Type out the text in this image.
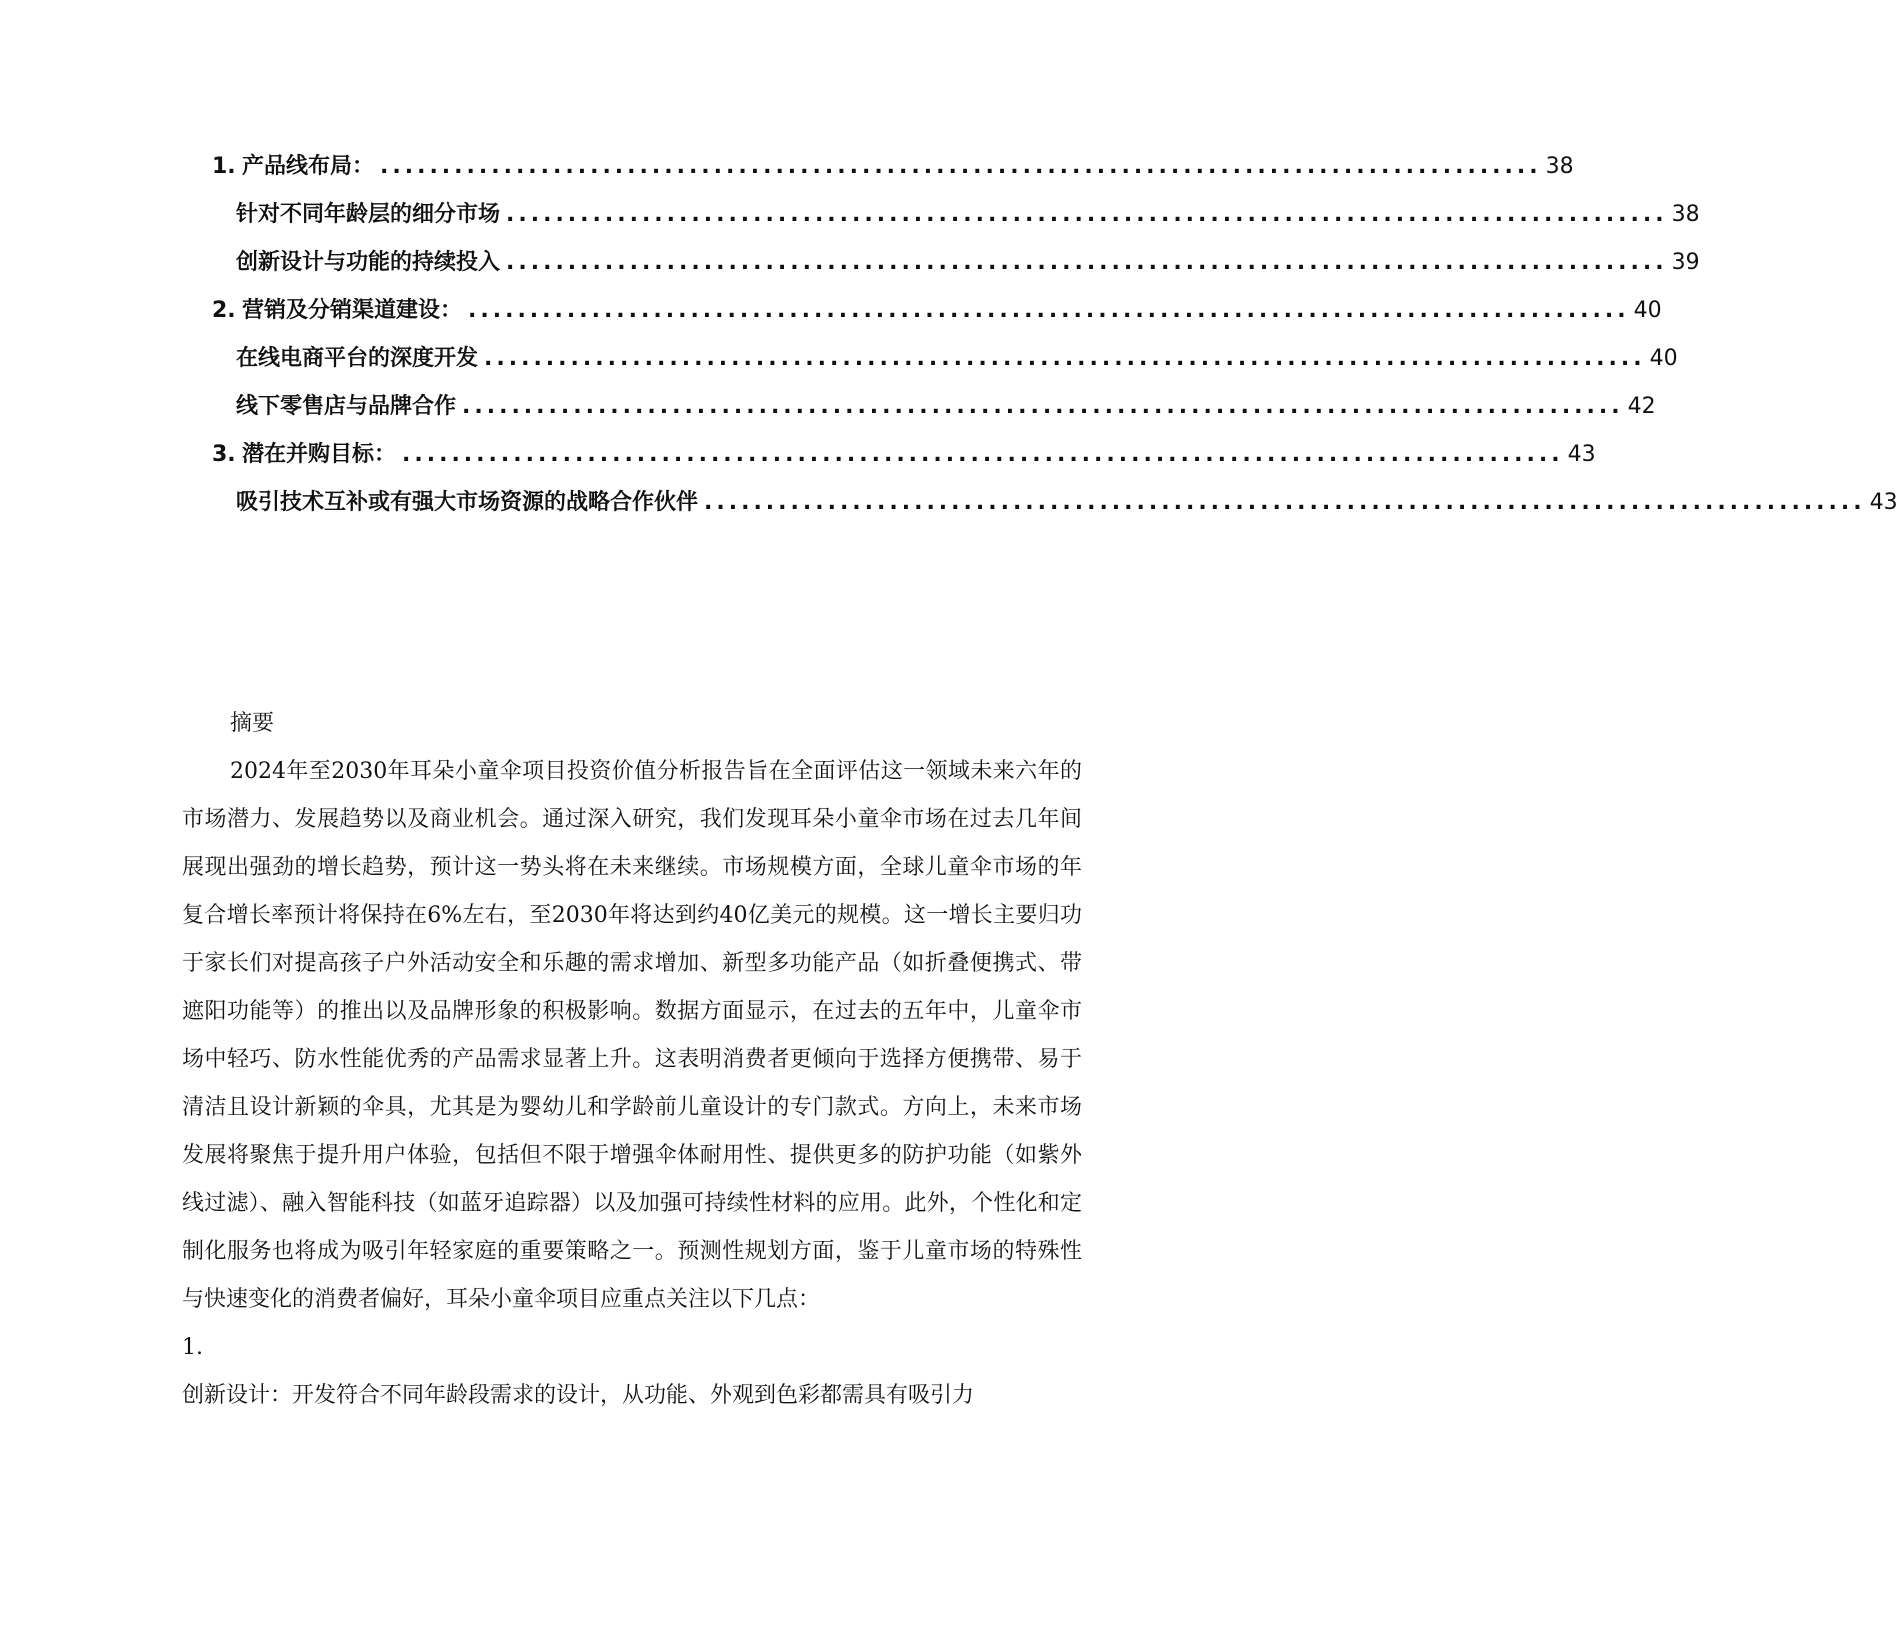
1. 产品线布局： .............................................................................................. 38
针对不同年龄层的细分市场 .............................................................................................. 38
创新设计与功能的持续投入 .............................................................................................. 39
2. 营销及分销渠道建设： .............................................................................................. 40
在线电商平台的深度开发 .............................................................................................. 40
线下零售店与品牌合作 .............................................................................................. 42
3. 潜在并购目标： .............................................................................................. 43
吸引技术互补或有强大市场资源的战略合作伙伴 .............................................................................................. 43

摘要

2024年至2030年耳朵小童伞项目投资价值分析报告旨在全面评估这一领域未来六年的市场潜力、发展趋势以及商业机会。通过深入研究，我们发现耳朵小童伞市场在过去几年间展现出强劲的增长趋势，预计这一势头将在未来继续。市场规模方面，全球儿童伞市场的年复合增长率预计将保持在6%左右，至2030年将达到约40亿美元的规模。这一增长主要归功于家长们对提高孩子户外活动安全和乐趣的需求增加、新型多功能产品（如折叠便携式、带遮阳功能等）的推出以及品牌形象的积极影响。数据方面显示，在过去的五年中，儿童伞市场中轻巧、防水性能优秀的产品需求显著上升。这表明消费者更倾向于选择方便携带、易于清洁且设计新颖的伞具，尤其是为婴幼儿和学龄前儿童设计的专门款式。方向上，未来市场发展将聚焦于提升用户体验，包括但不限于增强伞体耐用性、提供更多的防护功能（如紫外线过滤）、融入智能科技（如蓝牙追踪器）以及加强可持续性材料的应用。此外，个性化和定制化服务也将成为吸引年轻家庭的重要策略之一。预测性规划方面，鉴于儿童市场的特殊性与快速变化的消费者偏好，耳朵小童伞项目应重点关注以下几点：

1.

创新设计：开发符合不同年龄段需求的设计，从功能、外观到色彩都需具有吸引力
